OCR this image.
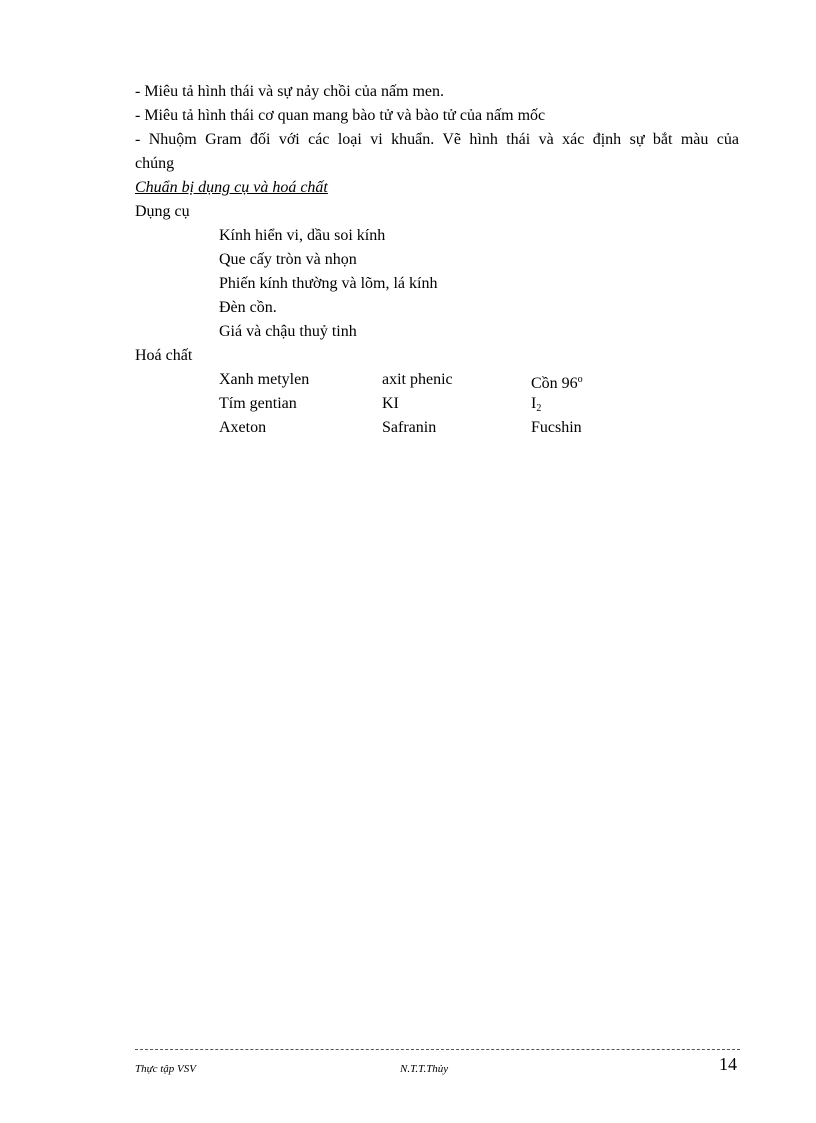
- Miêu tả hình thái và sự nảy chồi của nấm men.
- Miêu tả hình thái cơ quan mang bào tử và bào tử của nấm mốc
- Nhuộm Gram đối với các loại vi khuẩn. Vẽ hình thái và xác định sự bắt màu của
chúng
Chuẩn bị dụng cụ và hoá chất
Dụng cụ
Kính hiển vi, dầu soi kính
Que cấy tròn và nhọn
Phiến kính thường và lõm, lá kính
Đèn cồn.
Giá và chậu thuỷ tinh
Hoá chất
Xanh metylen	axit phenic	Cồn 96$^o$
Tím gentian	KI	$I_2$
Axeton	Safranin	Fucshin
Thực tập VSV	N.T.T.Thủy	14
